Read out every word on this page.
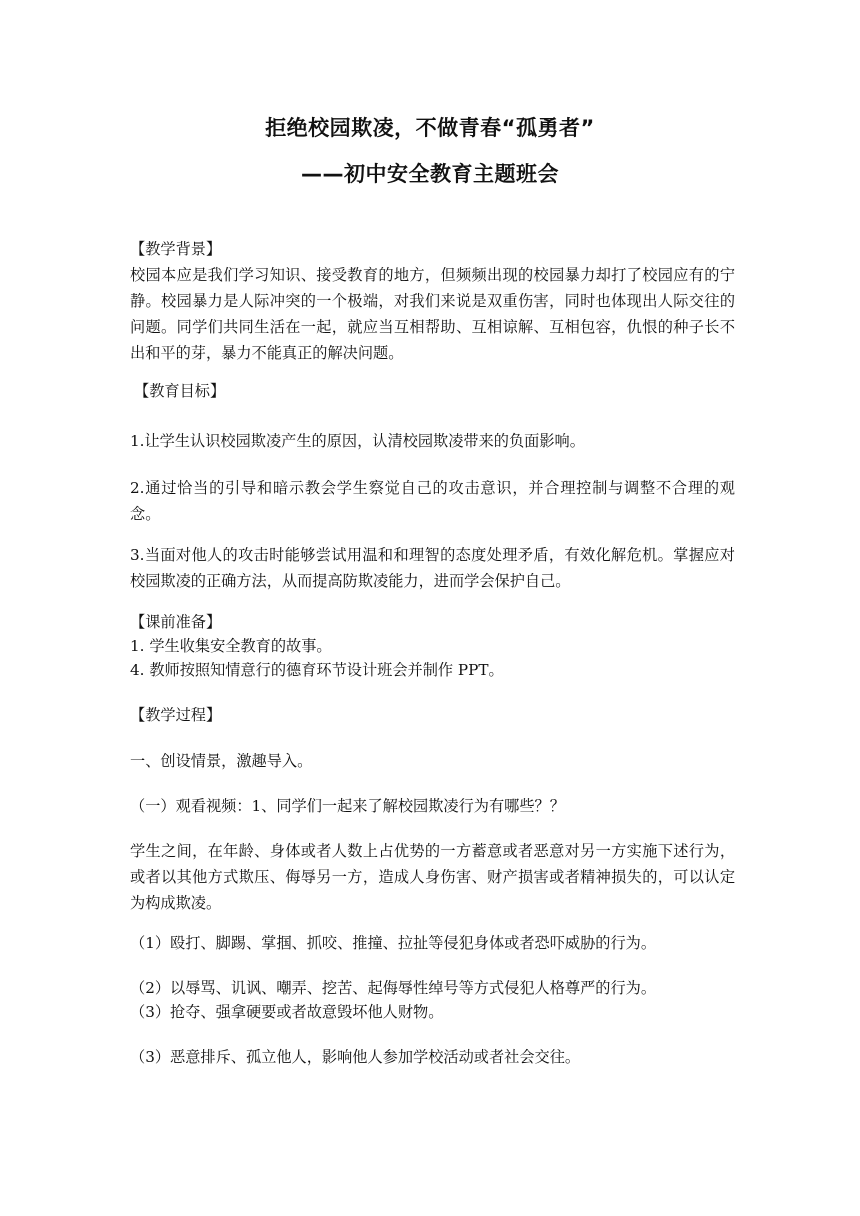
拒绝校园欺凌，不做青春“孤勇者”
——初中安全教育主题班会
【教学背景】
校园本应是我们学习知识、接受教育的地方，但频频出现的校园暴力却打了校园应有的宁静。校园暴力是人际冲突的一个极端，对我们来说是双重伤害，同时也体现出人际交往的问题。同学们共同生活在一起，就应当互相帮助、互相谅解、互相包容，仇恨的种子长不出和平的芽，暴力不能真正的解决问题。
【教育目标】
1.让学生认识校园欺凌产生的原因，认清校园欺凌带来的负面影响。
2.通过恰当的引导和暗示教会学生察觉自己的攻击意识，并合理控制与调整不合理的观念。
3.当面对他人的攻击时能够尝试用温和和理智的态度处理矛盾，有效化解危机。掌握应对校园欺凌的正确方法，从而提高防欺凌能力，进而学会保护自己。
【课前准备】
1. 学生收集安全教育的故事。
4. 教师按照知情意行的德育环节设计班会并制作 PPT。
【教学过程】
一、创设情景，激趣导入。
（一）观看视频：1、同学们一起来了解校园欺凌行为有哪些？？
学生之间，在年龄、身体或者人数上占优势的一方蓄意或者恶意对另一方实施下述行为，或者以其他方式欺压、侮辱另一方，造成人身伤害、财产损害或者精神损失的，可以认定为构成欺凌。
（1）殴打、脚踢、掌掴、抓咬、推撞、拉扯等侵犯身体或者恐吓威胁的行为。
（2）以辱骂、讥讽、嘲弄、挖苦、起侮辱性绰号等方式侵犯人格尊严的行为。
（3）抢夺、强拿硬要或者故意毁坏他人财物。
（3）恶意排斥、孤立他人，影响他人参加学校活动或者社会交往。
